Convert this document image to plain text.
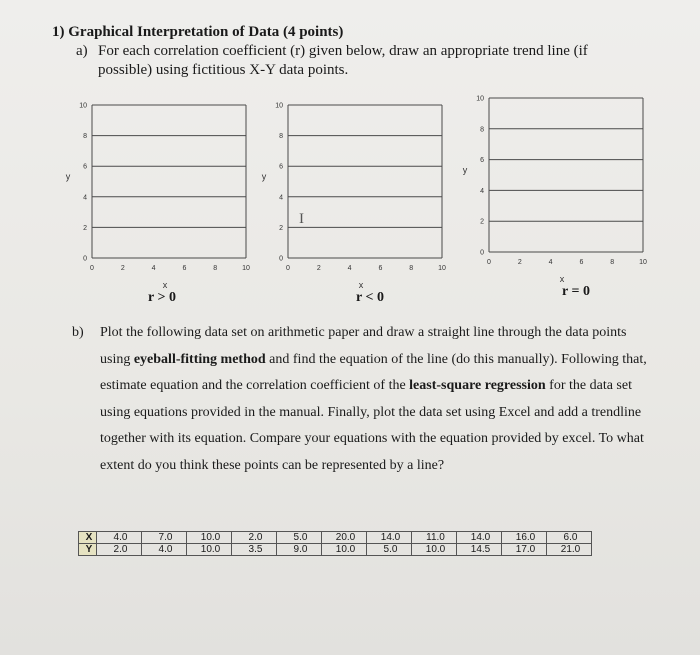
1) Graphical Interpretation of Data (4 points)
a) For each correlation coefficient (r) given below, draw an appropriate trend line (if possible) using fictitious X-Y data points.
0
2
4
6
8
10
0	2	4	6	8	10
x
y
0
2
4
6
8
10
0	2	4	6	8	10
x
y
I
0
2
4
6
8
10
0	2	4	6	8	10
x
y
r > 0	r < 0	r = 0
b) Plot the following data set on arithmetic paper and draw a straight line through the data points using eyeball-fitting method and find the equation of the line (do this manually). Following that, estimate equation and the correlation coefficient of the least-square regression for the data set using equations provided in the manual. Finally, plot the data set using Excel and add a trendline together with its equation. Compare your equations with the equation provided by excel. To what extent do you think these points can be represented by a line?
X	4.0	7.0	10.0	2.0	5.0	20.0	14.0	11.0	14.0	16.0	6.0
Y	2.0	4.0	10.0	3.5	9.0	10.0	5.0	10.0	14.5	17.0	21.0
